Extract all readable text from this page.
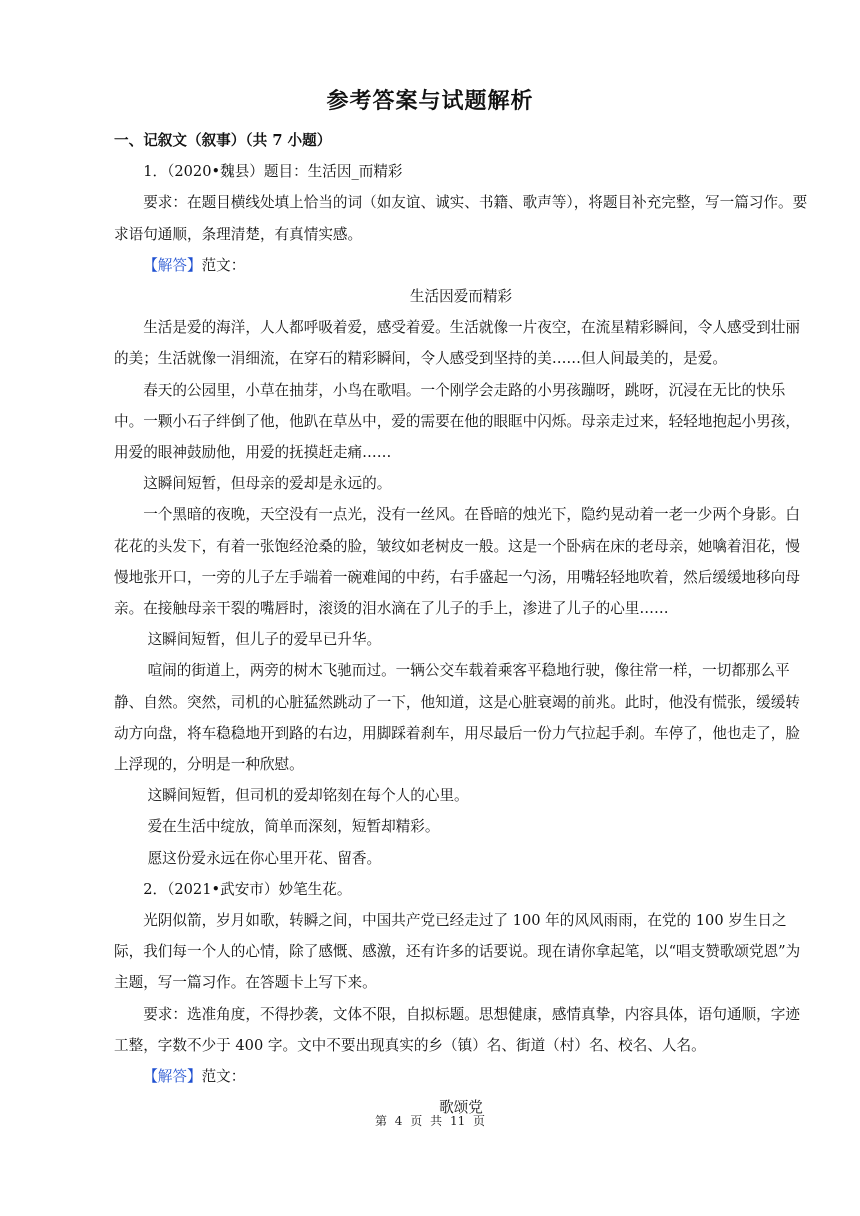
参考答案与试题解析

一、记叙文（叙事）（共 7 小题）

1．（2020•魏县）题目：生活因_而精彩

要求：在题目横线处填上恰当的词（如友谊、诚实、书籍、歌声等），将题目补充完整，写一篇习作。要求语句通顺，条理清楚，有真情实感。

【解答】范文：

生活因爱而精彩

生活是爱的海洋，人人都呼吸着爱，感受着爱。生活就像一片夜空，在流星精彩瞬间，令人感受到壮丽的美；生活就像一涓细流，在穿石的精彩瞬间，令人感受到坚持的美……但人间最美的，是爱。

春天的公园里，小草在抽芽，小鸟在歌唱。一个刚学会走路的小男孩蹦呀，跳呀，沉浸在无比的快乐中。一颗小石子绊倒了他，他趴在草丛中，爱的需要在他的眼眶中闪烁。母亲走过来，轻轻地抱起小男孩，用爱的眼神鼓励他，用爱的抚摸赶走痛……

这瞬间短暂，但母亲的爱却是永远的。

一个黑暗的夜晚，天空没有一点光，没有一丝风。在昏暗的烛光下，隐约晃动着一老一少两个身影。白花花的头发下，有着一张饱经沧桑的脸，皱纹如老树皮一般。这是一个卧病在床的老母亲，她噙着泪花，慢慢地张开口，一旁的儿子左手端着一碗难闻的中药，右手盛起一勺汤，用嘴轻轻地吹着，然后缓缓地移向母亲。在接触母亲干裂的嘴唇时，滚烫的泪水滴在了儿子的手上，渗进了儿子的心里……

这瞬间短暂，但儿子的爱早已升华。

喧闹的街道上，两旁的树木飞驰而过。一辆公交车载着乘客平稳地行驶，像往常一样，一切都那么平静、自然。突然，司机的心脏猛然跳动了一下，他知道，这是心脏衰竭的前兆。此时，他没有慌张，缓缓转动方向盘，将车稳稳地开到路的右边，用脚踩着刹车，用尽最后一份力气拉起手刹。车停了，他也走了，脸上浮现的，分明是一种欣慰。

这瞬间短暂，但司机的爱却铭刻在每个人的心里。

爱在生活中绽放，简单而深刻，短暂却精彩。

愿这份爱永远在你心里开花、留香。

2．（2021•武安市）妙笔生花。

光阴似箭，岁月如歌，转瞬之间，中国共产党已经走过了 100 年的风风雨雨，在党的 100 岁生日之际，我们每一个人的心情，除了感慨、感激，还有许多的话要说。现在请你拿起笔，以“唱支赞歌颂党恩”为主题，写一篇习作。在答题卡上写下来。

要求：选准角度，不得抄袭，文体不限，自拟标题。思想健康，感情真挚，内容具体，语句通顺，字迹工整，字数不少于 400 字。文中不要出现真实的乡（镇）名、街道（村）名、校名、人名。

【解答】范文：

歌颂党

第 4 页 共 11 页
